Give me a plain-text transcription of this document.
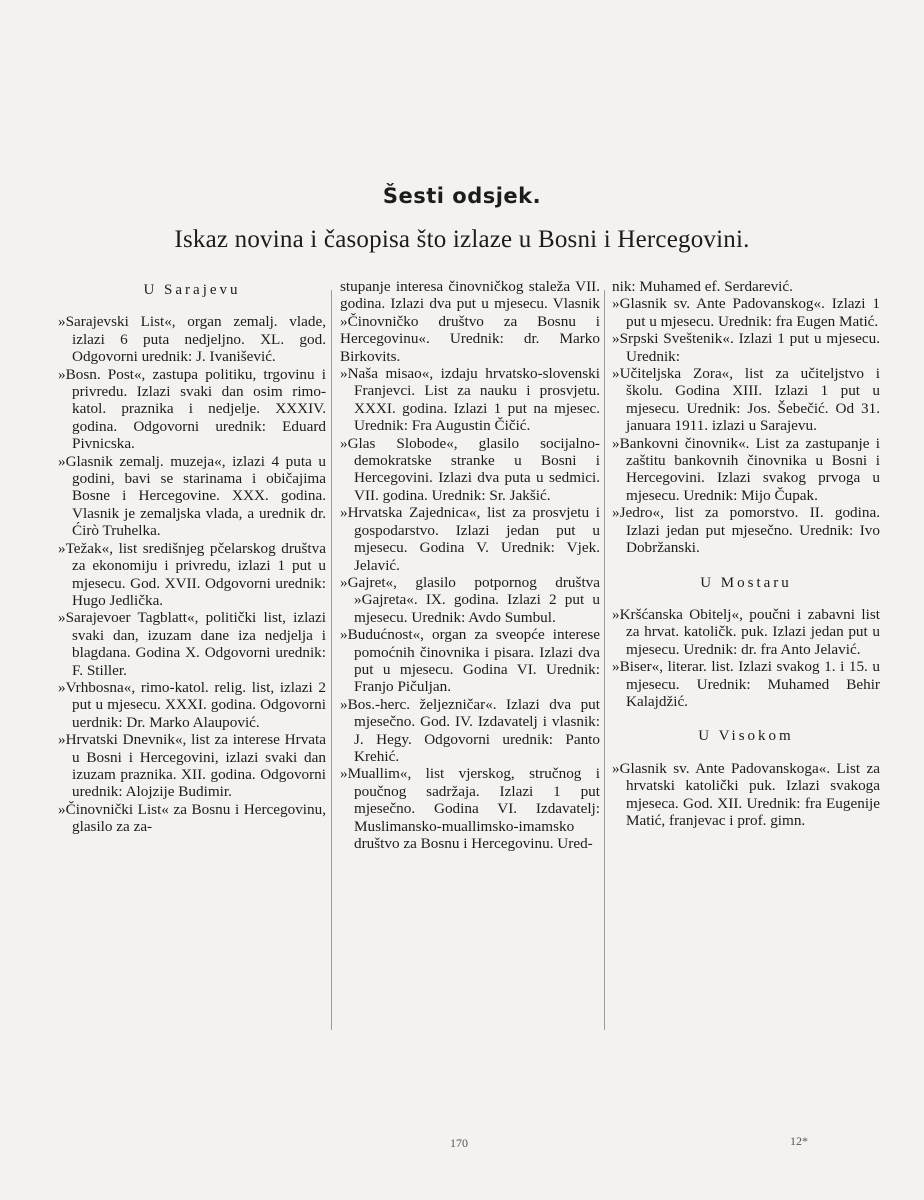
Šesti odsjek.
Iskaz novina i časopisa što izlaze u Bosni i Hercegovini.

U Sarajevu

»Sarajevski List«, organ zemalj. vlade, izlazi 6 puta nedjeljno. XL. god. Odgovorni urednik: J. Ivanišević.

»Bosn. Post«, zastupa politiku, trgovinu i privredu. Izlazi svaki dan osim rimo-katol. praznika i nedjelje. XXXIV. godina. Odgovorni urednik: Eduard Pivnicska.

»Glasnik zemalj. muzeja«, izlazi 4 puta u godini, bavi se starinama i običajima Bosne i Hercegovine. XXX. godina. Vlasnik je zemaljska vlada, a urednik dr. Ćirò Truhelka.

»Težak«, list središnjeg pčelarskog društva za ekonomiju i privredu, izlazi 1 put u mjesecu. God. XVII. Odgovorni urednik: Hugo Jedlička.

»Sarajevoer Tagblatt«, politički list, izlazi svaki dan, izuzam dane iza nedjelja i blagdana. Godina X. Odgovorni urednik: F. Stiller.

»Vrhbosna«, rimo-katol. relig. list, izlazi 2 put u mjesecu. XXXI. godina. Odgovorni uerdnik: Dr. Marko Alaupović.

»Hrvatski Dnevnik«, list za interese Hrvata u Bosni i Hercegovini, izlazi svaki dan izuzam praznika. XII. godina. Odgovorni urednik: Alojzije Budimir.

»Činovnički List« za Bosnu i Hercegovinu, glasilo za za-

stupanje interesa činovničkog staleža VII. godina. Izlazi dva put u mjesecu. Vlasnik »Činovničko društvo za Bosnu i Hercegovinu«. Urednik: dr. Marko Birkovits.

»Naša misao«, izdaju hrvatsko-slovenski Franjevci. List za nauku i prosvjetu. XXXI. godina. Izlazi 1 put na mjesec. Urednik: Fra Augustin Čičić.

»Glas Slobode«, glasilo socijalno-demokratske stranke u Bosni i Hercegovini. Izlazi dva puta u sedmici. VII. godina. Urednik: Sr. Jakšić.

»Hrvatska Zajednica«, list za prosvjetu i gospodarstvo. Izlazi jedan put u mjesecu. Godina V. Urednik: Vjek. Jelavić.

»Gajret«, glasilo potpornog društva »Gajreta«. IX. godina. Izlazi 2 put u mjesecu. Urednik: Avdo Sumbul.

»Budućnost«, organ za sveopće interese pomoćnih činovnika i pisara. Izlazi dva put u mjesecu. Godina VI. Urednik: Franjo Pičuljan.

»Bos.-herc. željezničar«. Izlazi dva put mjesečno. God. IV. Izdavatelj i vlasnik: J. Hegy. Odgovorni urednik: Panto Krehić.

»Muallim«, list vjerskog, stručnog i poučnog sadržaja. Izlazi 1 put mjesečno. Godina VI. Izdavatelj: Muslimansko-muallimsko-imamsko društvo za Bosnu i Hercegovinu. Ured-

nik: Muhamed ef. Serdarević.

»Glasnik sv. Ante Padovanskog«. Izlazi 1 put u mjesecu. Urednik: fra Eugen Matić.

»Srpski Sveštenik«. Izlazi 1 put u mjesecu. Urednik:

»Učiteljska Zora«, list za učiteljstvo i školu. Godina XIII. Izlazi 1 put u mjesecu. Urednik: Jos. Šebečić. Od 31. januara 1911. izlazi u Sarajevu.

»Bankovni činovnik«. List za zastupanje i zaštitu bankovnih činovnika u Bosni i Hercegovini. Izlazi svakog prvoga u mjesecu. Urednik: Mijo Čupak.

»Jedro«, list za pomorstvo. II. godina. Izlazi jedan put mjesečno. Urednik: Ivo Dobržanski.

U Mostaru

»Kršćanska Obitelj«, poučni i zabavni list za hrvat. katoličk. puk. Izlazi jedan put u mjesecu. Urednik: dr. fra Anto Jelavić.

»Biser«, literar. list. Izlazi svakog 1. i 15. u mjesecu. Urednik: Muhamed Behir Kalajdžić.

U Visokom

»Glasnik sv. Ante Padovanskoga«. List za hrvatski katolički puk. Izlazi svakoga mjeseca. God. XII. Urednik: fra Eugenije Matić, franjevac i prof. gimn.

170	12*
